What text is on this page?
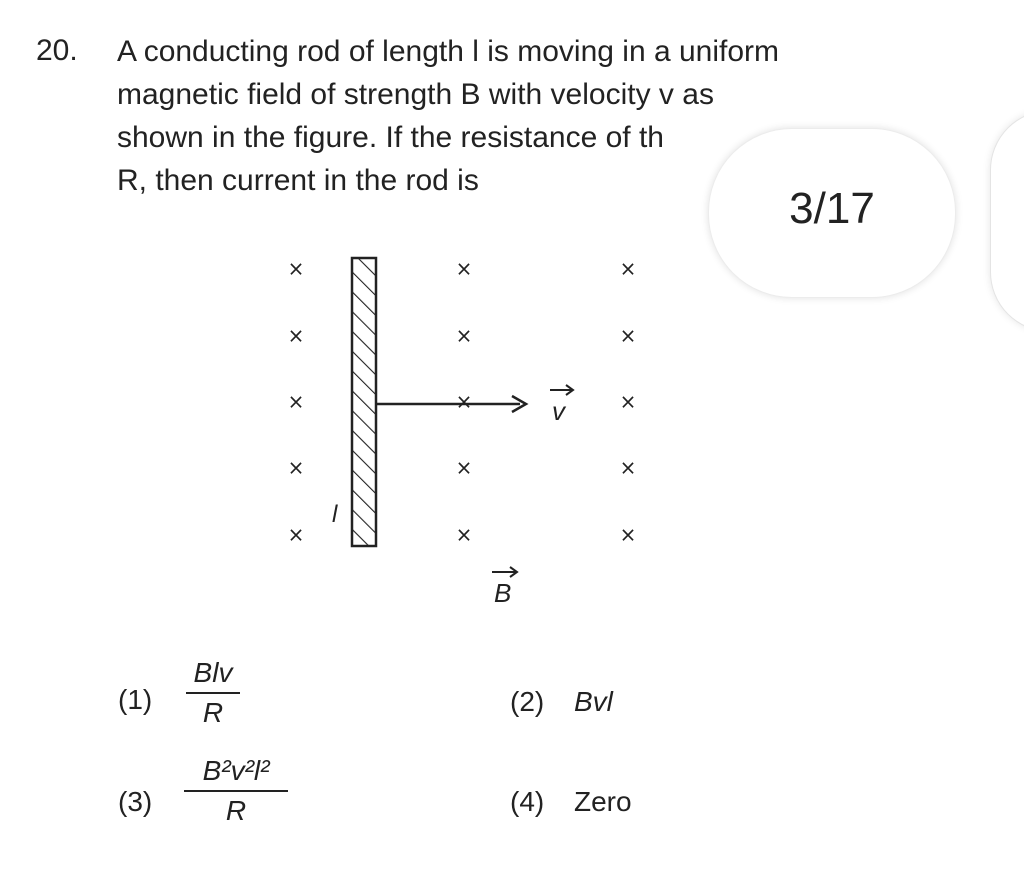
20. A conducting rod of length l is moving in a uniform

magnetic field of strength B with velocity v as

shown in the figure. If the resistance of th

R, then current in the rod is

3/17
×
×
×
×
×
×
×
×
×
×
×
×
×
×
×
l
v
B
(1)
Blv
R	(2) Bvl
(3)
B²v²l²
R	(4) Zero
